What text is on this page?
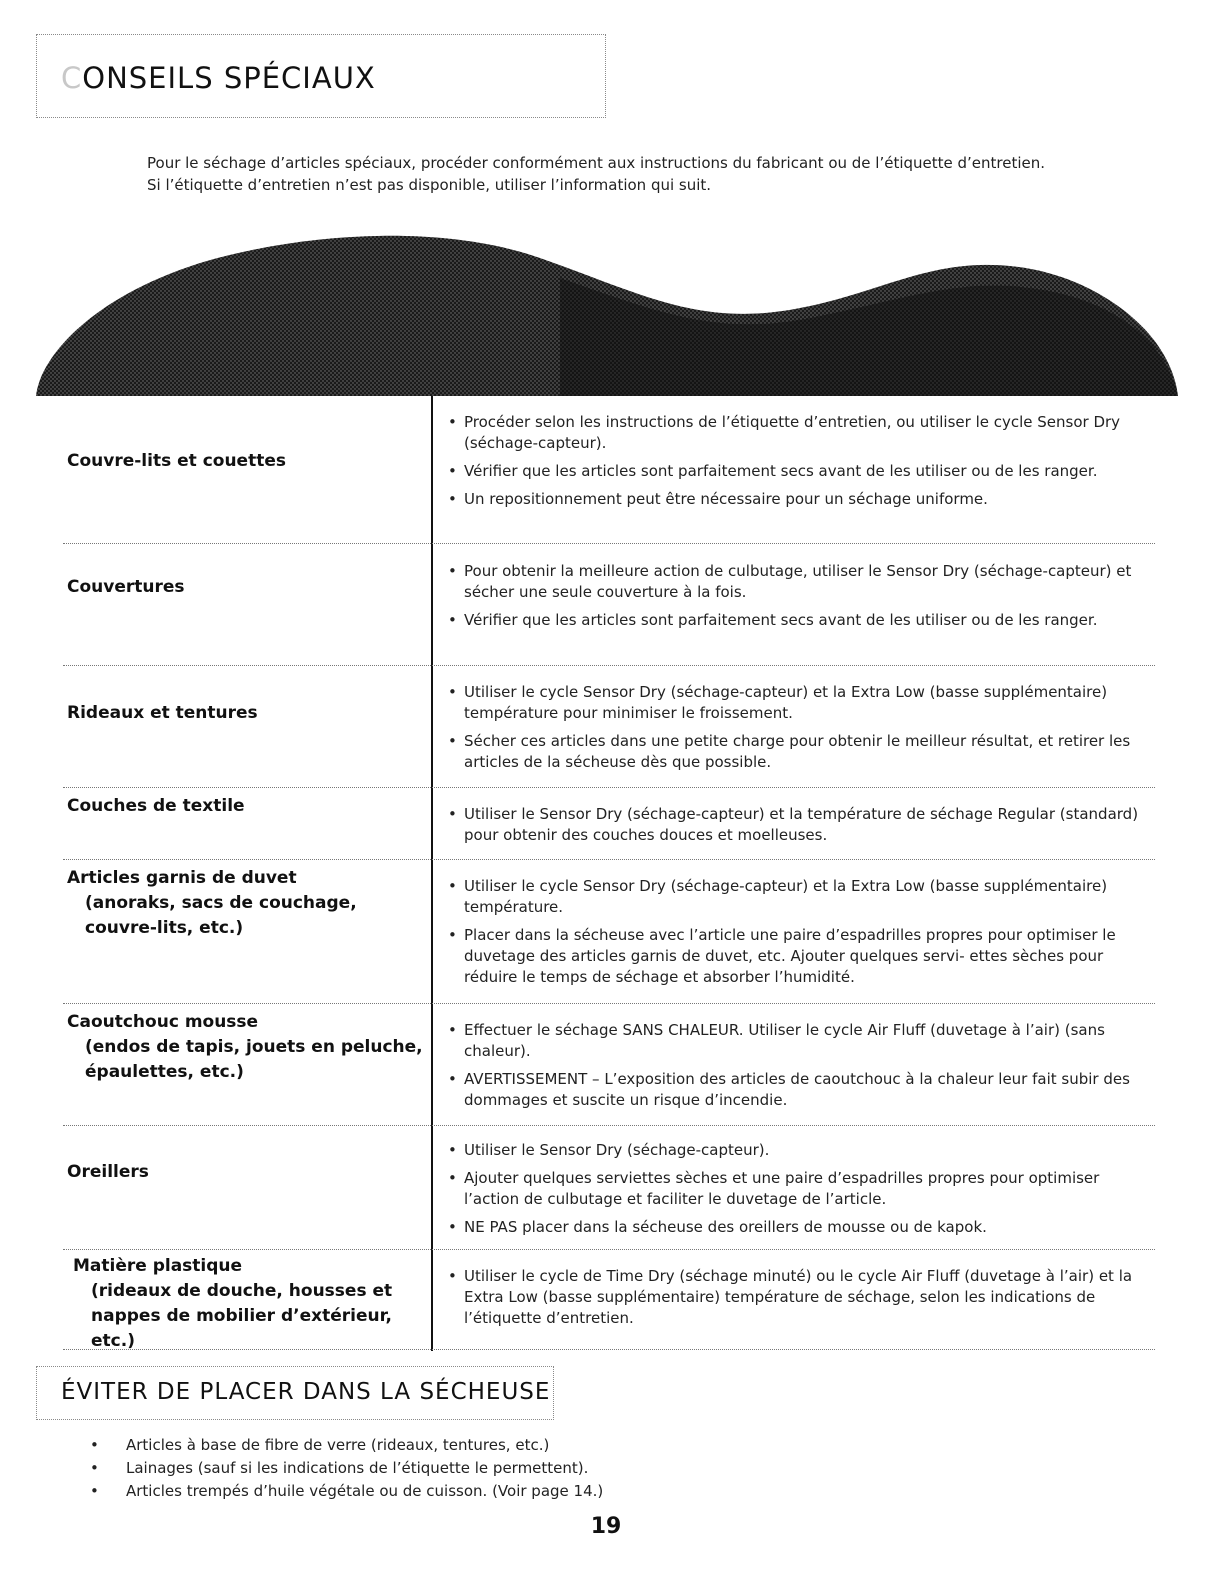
CONSEILS SPÉCIAUX

Pour le séchage d’articles spéciaux, procéder conformément aux instructions du fabricant ou de l’étiquette d’entretien.

Si l’étiquette d’entretien n’est pas disponible, utiliser l’information qui suit.

Couvre-lits et couettes
• Procéder selon les instructions de l’étiquette d’entretien, ou utiliser le cycle Sensor Dry (séchage-capteur).
• Vérifier que les articles sont parfaitement secs avant de les utiliser ou de les ranger.
• Un repositionnement peut être nécessaire pour un séchage uniforme.
Couvertures
• Pour obtenir la meilleure action de culbutage, utiliser le Sensor Dry (séchage-capteur) et sécher une seule couverture à la fois.
• Vérifier que les articles sont parfaitement secs avant de les utiliser ou de les ranger.
Rideaux et tentures
• Utiliser le cycle Sensor Dry (séchage-capteur) et la Extra Low (basse supplémentaire) température pour minimiser le froissement.
• Sécher ces articles dans une petite charge pour obtenir le meilleur résultat, et retirer les articles de la sécheuse dès que possible.
Couches de textile
•	Utiliser le Sensor Dry (séchage-capteur) et la température de séchage Regular (standard) pour obtenir des couches douces et moelleuses.
Articles garnis de duvet
(anoraks, sacs de couchage, couvre-lits, etc.)
• Utiliser le cycle Sensor Dry (séchage-capteur) et la Extra Low (basse supplémentaire) température.
• Placer dans la sécheuse avec l’article une paire d’espadrilles propres pour optimiser le duvetage des articles garnis de duvet, etc. Ajouter quelques servi- ettes sèches pour réduire le temps de séchage et absorber l’humidité.
Caoutchouc mousse
(endos de tapis, jouets en peluche, épaulettes, etc.)
• Effectuer le séchage SANS CHALEUR. Utiliser le cycle Air Fluff (duvetage à l’air) (sans chaleur).
• AVERTISSEMENT – L’exposition des articles de caoutchouc à la chaleur leur fait subir des dommages et suscite un risque d’incendie.
Oreillers
• Utiliser le Sensor Dry (séchage-capteur).
• Ajouter quelques serviettes sèches et une paire d’espadrilles propres pour optimiser l’action de culbutage et faciliter le duvetage de l’article.
• NE PAS placer dans la sécheuse des oreillers de mousse ou de kapok.
Matière plastique
(rideaux de douche, housses et nappes de mobilier d’extérieur, etc.)
• Utiliser le cycle de Time Dry (séchage minuté) ou le cycle Air Fluff (duvetage à l’air) et la Extra Low (basse supplémentaire) température de séchage, selon les indications de l’étiquette d’entretien.
ÉVITER DE PLACER DANS LA SÉCHEUSE
• Articles à base de fibre de verre (rideaux, tentures, etc.)
• Lainages (sauf si les indications de l’étiquette le permettent).
• Articles trempés d’huile végétale ou de cuisson. (Voir page 14.)
19
